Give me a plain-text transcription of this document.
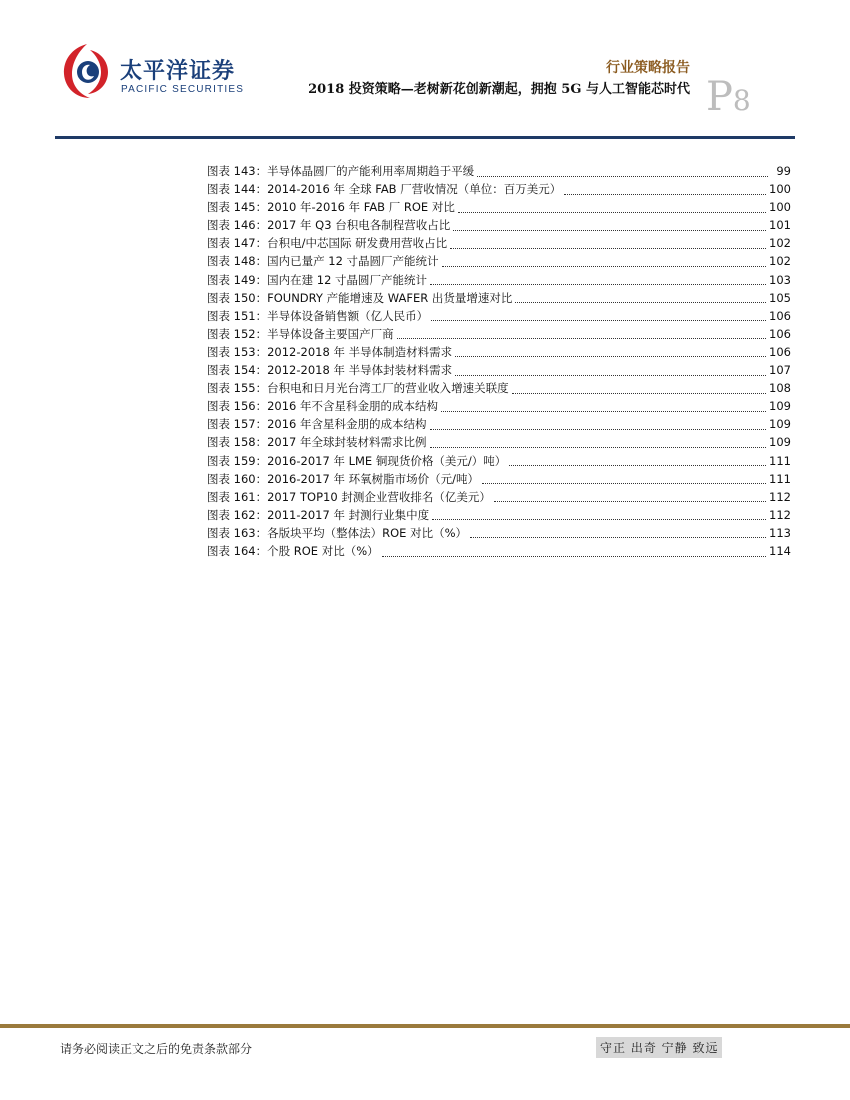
太平洋证券
PACIFIC SECURITIES
行业策略报告
2018 投资策略—老树新花创新潮起，拥抱 5G 与人工智能芯时代 P8
图表 143： 半导体晶圆厂的产能利用率周期趋于平缓	99
图表 144： 2014-2016 年 全球 FAB 厂营收情况（单位：百万美元）	100
图表 145： 2010 年-2016 年 FAB 厂 ROE 对比	100
图表 146： 2017 年 Q3 台积电各制程营收占比	101
图表 147： 台积电/中芯国际 研发费用营收占比	102
图表 148： 国内已量产 12 寸晶圆厂产能统计	102
图表 149： 国内在建 12 寸晶圆厂产能统计	103
图表 150： FOUNDRY 产能增速及 WAFER 出货量增速对比	105
图表 151： 半导体设备销售额（亿人民币）	106
图表 152： 半导体设备主要国产厂商	106
图表 153： 2012-2018 年 半导体制造材料需求	106
图表 154： 2012-2018 年 半导体封装材料需求	107
图表 155： 台积电和日月光台湾工厂的营业收入增速关联度	108
图表 156： 2016 年不含星科金朋的成本结构	109
图表 157： 2016 年含星科金朋的成本结构	109
图表 158： 2017 年全球封装材料需求比例	109
图表 159： 2016-2017 年 LME 铜现货价格（美元/）吨）	111
图表 160： 2016-2017 年 环氧树脂市场价（元/吨）	111
图表 161： 2017 TOP10 封测企业营收排名（亿美元）	112
图表 162： 2011-2017 年 封测行业集中度	112
图表 163： 各版块平均（整体法）ROE 对比（%）	113
图表 164： 个股 ROE 对比（%）	114
请务必阅读正文之后的免责条款部分	守正 出奇 宁静 致远
